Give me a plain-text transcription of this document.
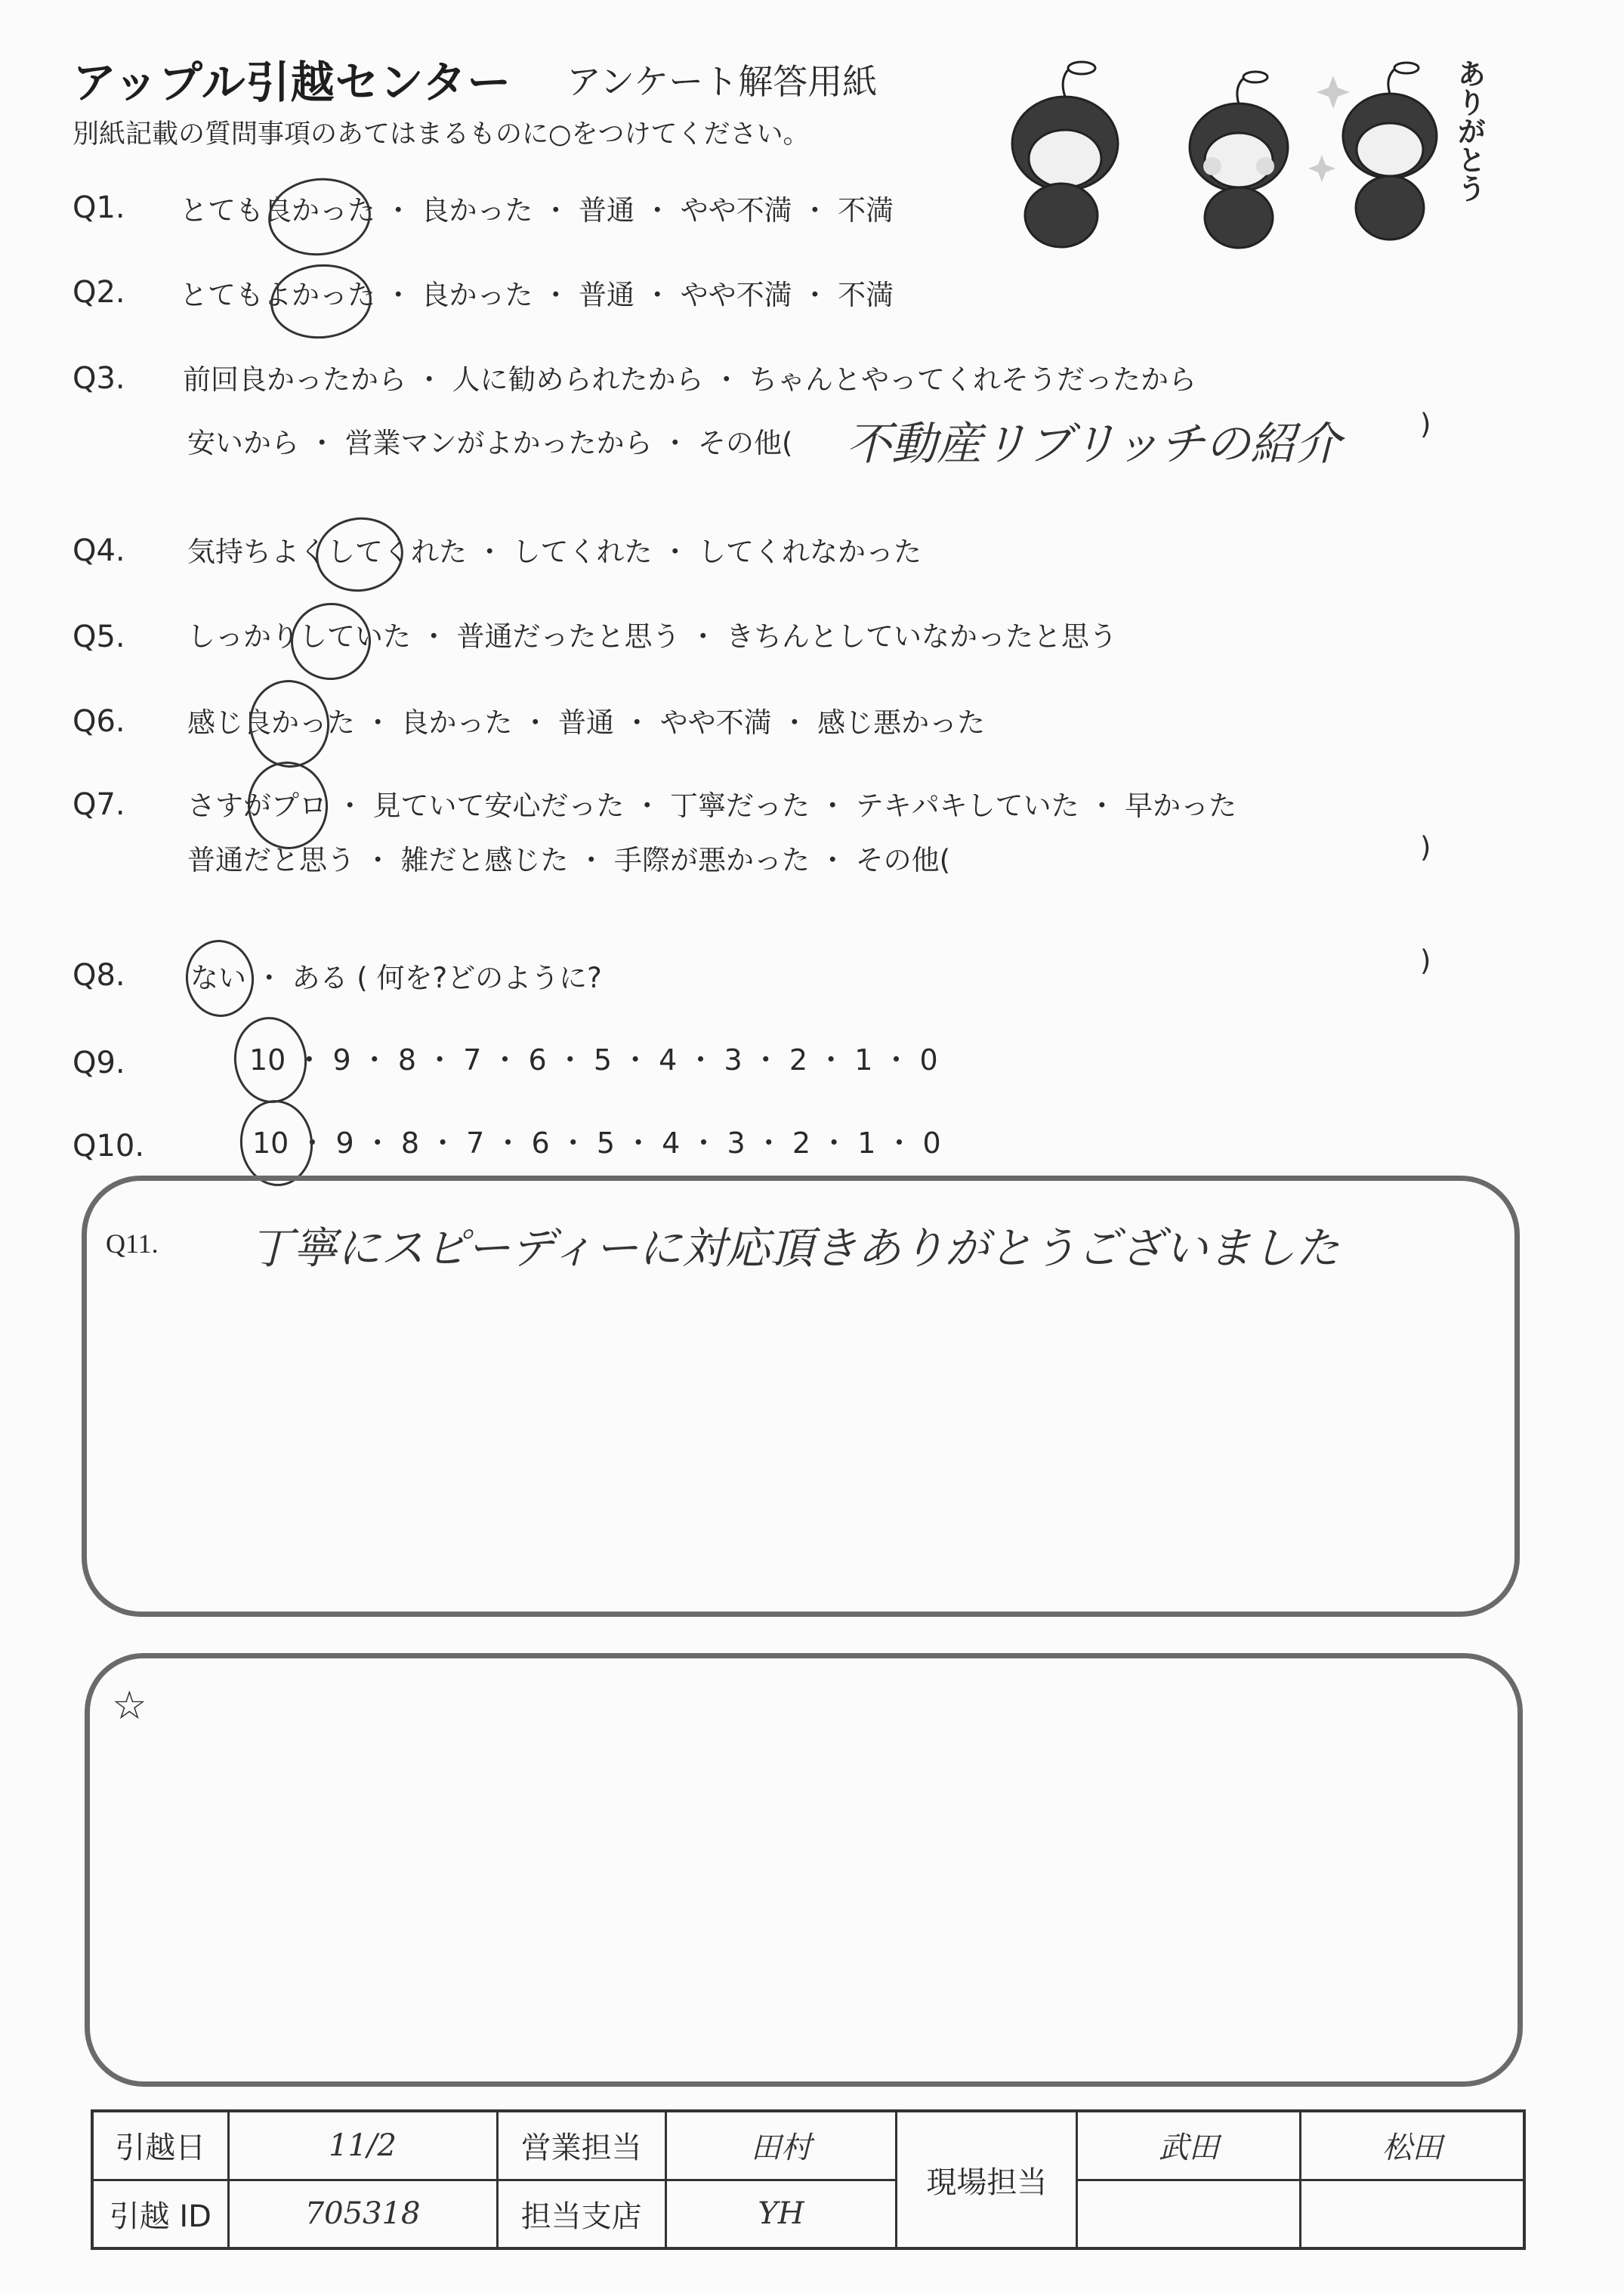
アップル引越センター アンケート解答用紙
別紙記載の質問事項のあてはまるものに○をつけてください。	ありがとう
Q1. とても良かった ・ 良かった ・ 普通 ・ やや不満 ・ 不満
Q2. とてもよかった ・ 良かった ・ 普通 ・ やや不満 ・ 不満
Q3. 前回良かったから ・ 人に勧められたから ・ ちゃんとやってくれそうだったから
安いから ・ 営業マンがよかったから ・ その他(
)
不動産リブリッチの紹介
Q4. 気持ちよくしてくれた ・ してくれた ・ してくれなかった
Q5. しっかりしていた ・ 普通だったと思う ・ きちんとしていなかったと思う
Q6. 感じ良かった ・ 良かった ・ 普通 ・ やや不満 ・ 感じ悪かった
Q7. さすがプロ ・ 見ていて安心だった ・ 丁寧だった ・ テキパキしていた ・ 早かった
普通だと思う ・ 雑だと感じた ・ 手際が悪かった ・ その他(	)
Q8. ない ・ ある ( 何を?どのように?
)
Q9.	10 ・ 9 ・ 8 ・ 7 ・ 6 ・ 5 ・ 4 ・ 3 ・ 2 ・ 1 ・ 0
Q10.	10 ・ 9 ・ 8 ・ 7 ・ 6 ・ 5 ・ 4 ・ 3 ・ 2 ・ 1 ・ 0
Q11. 丁寧にスピーディーに対応頂きありがとうございました
☆
引越日	11/2	営業担当	田村	現場担当	武田	松田
引越 ID	705318	担当支店	YH			
